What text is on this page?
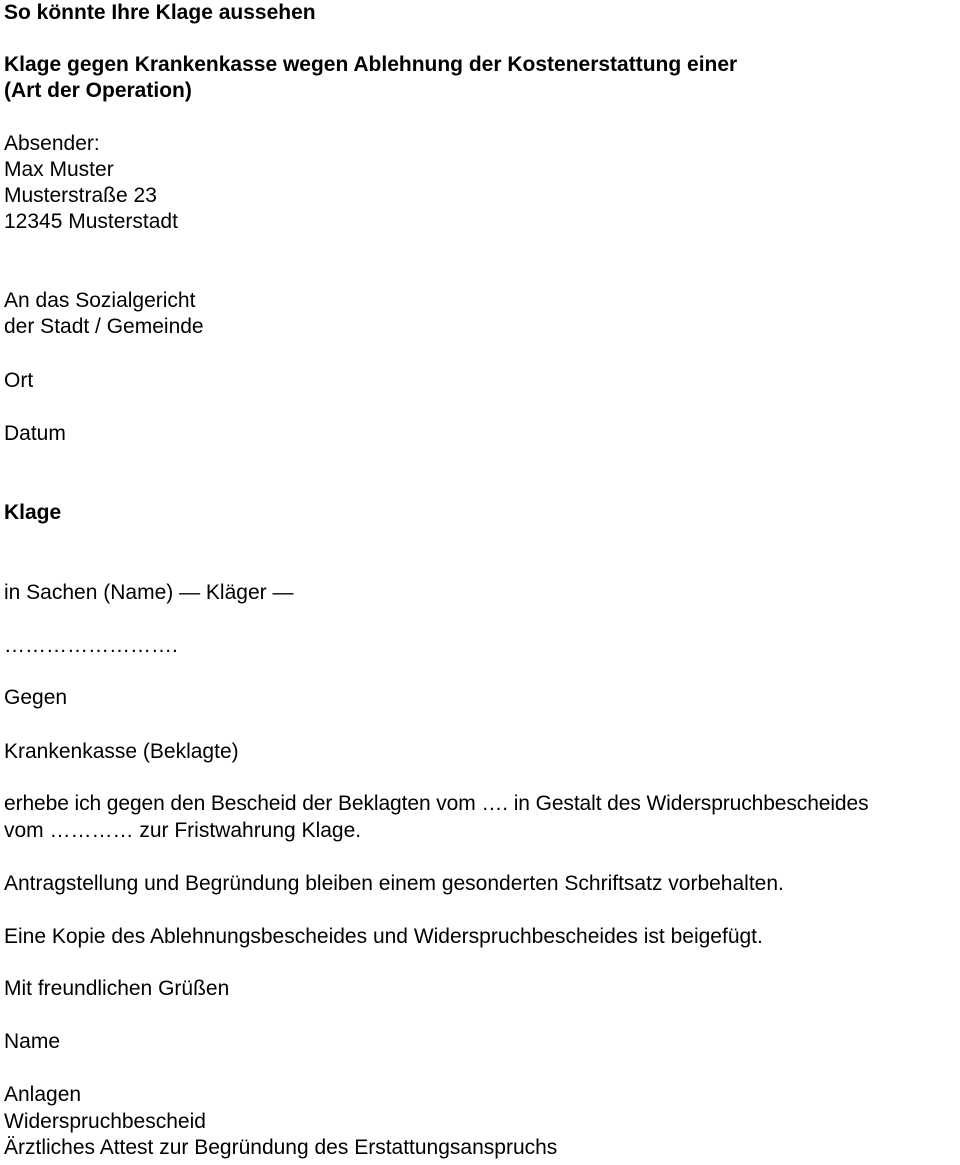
So könnte Ihre Klage aussehen

Klage gegen Krankenkasse wegen Ablehnung der Kostenerstattung einer

(Art der Operation)

Absender:

Max Muster

Musterstraße 23

12345 Musterstadt

An das Sozialgericht

der Stadt / Gemeinde

Ort

Datum

Klage

in Sachen (Name) — Kläger —

…………………….

Gegen

Krankenkasse (Beklagte)

erhebe ich gegen den Bescheid der Beklagten vom …. in Gestalt des Widerspruchbescheides

vom ………… zur Fristwahrung Klage.

Antragstellung und Begründung bleiben einem gesonderten Schriftsatz vorbehalten.

Eine Kopie des Ablehnungsbescheides und Widerspruchbescheides ist beigefügt.

Mit freundlichen Grüßen

Name

Anlagen

Widerspruchbescheid

Ärztliches Attest zur Begründung des Erstattungsanspruchs
